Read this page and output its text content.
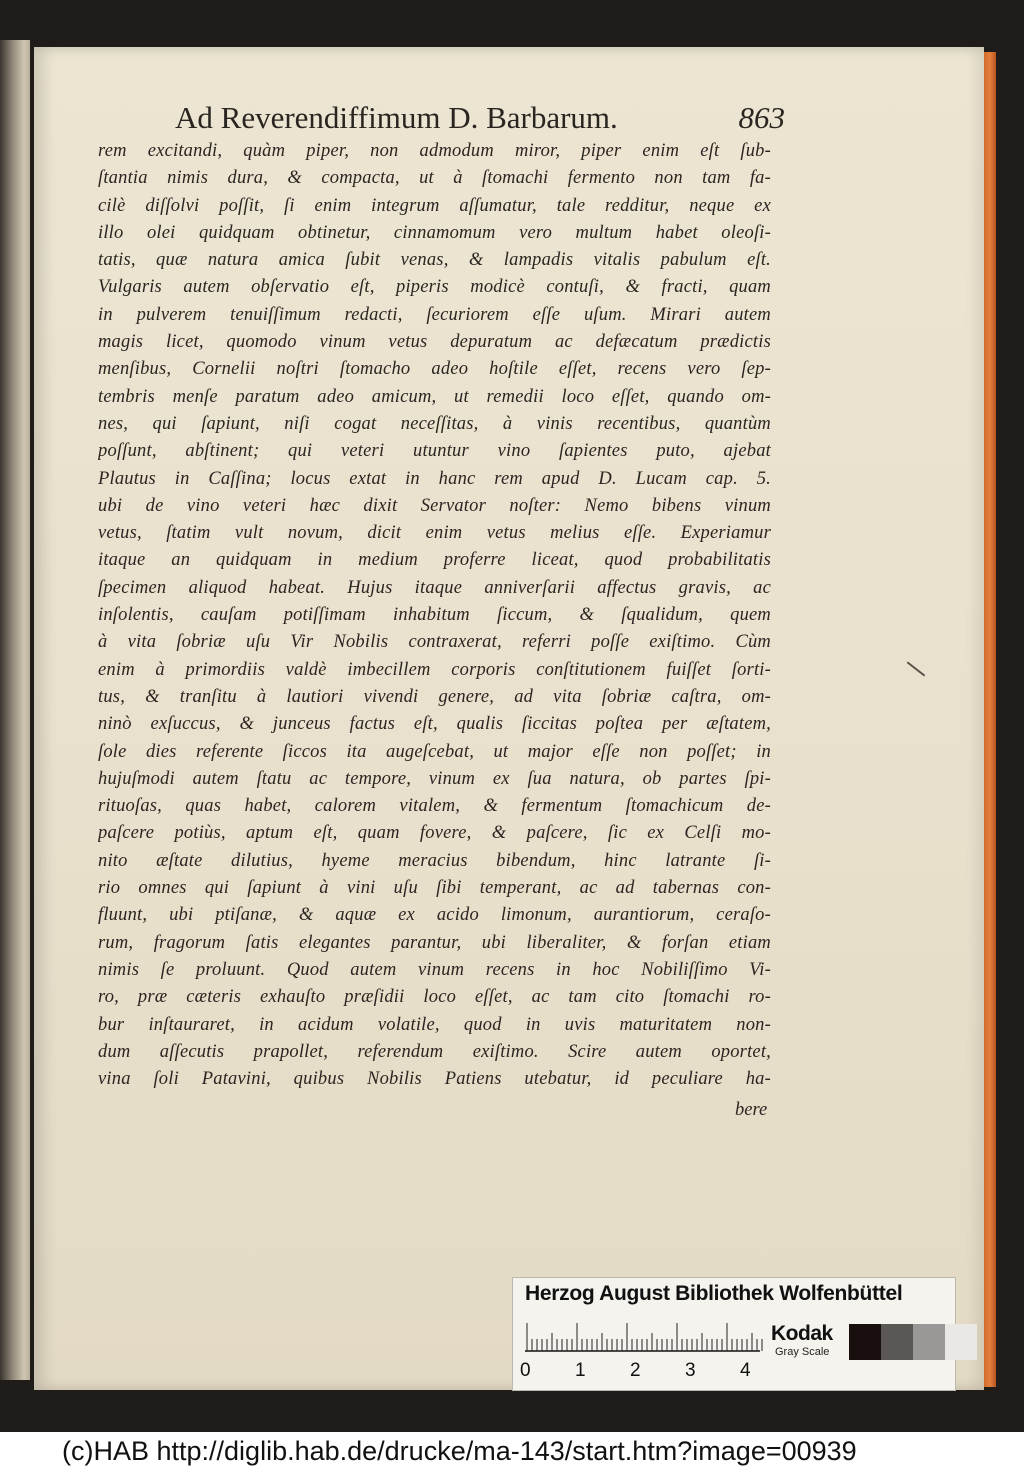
Ad Reverendiffimum D. Barbarum.	863
rem excitandi, quàm piper, non admodum miror, piper enim eſt ſub-
ſtantia nimis dura, & compacta, ut à ſtomachi fermento non tam fa-
cilè diſſolvi poſſit, ſi enim integrum aſſumatur, tale redditur, neque ex
illo olei quidquam obtinetur, cinnamomum vero multum habet oleoſi-
tatis, quæ natura amica ſubit venas, & lampadis vitalis pabulum eſt.
Vulgaris autem obſervatio eſt, piperis modicè contuſi, & fracti, quam
in pulverem tenuiſſimum redacti, ſecuriorem eſſe uſum. Mirari autem
magis licet, quomodo vinum vetus depuratum ac defæcatum prædictis
menſibus, Cornelii noſtri ſtomacho adeo hoſtile eſſet, recens vero ſep-
tembris menſe paratum adeo amicum, ut remedii loco eſſet, quando om-
nes, qui ſapiunt, niſi cogat neceſſitas, à vinis recentibus, quantùm
poſſunt, abſtinent; qui veteri utuntur vino ſapientes puto, ajebat
Plautus in Caſſina; locus extat in hanc rem apud D. Lucam cap. 5.
ubi de vino veteri hæc dixit Servator noſter: Nemo bibens vinum
vetus, ſtatim vult novum, dicit enim vetus melius eſſe. Experiamur
itaque an quidquam in medium proferre liceat, quod probabilitatis
ſpecimen aliquod habeat. Hujus itaque anniverſarii affectus gravis, ac
inſolentis, cauſam potiſſimam inhabitum ſiccum, & ſqualidum, quem
à vita ſobriæ uſu Vir Nobilis contraxerat, referri poſſe exiſtimo. Cùm
enim à primordiis valdè imbecillem corporis conſtitutionem fuiſſet ſorti-
tus, & tranſitu à lautiori vivendi genere, ad vita ſobriæ caſtra, om-
ninò exſuccus, & junceus factus eſt, qualis ſiccitas poſtea per æſtatem,
ſole dies referente ſiccos ita augeſcebat, ut major eſſe non poſſet; in
hujuſmodi autem ſtatu ac tempore, vinum ex ſua natura, ob partes ſpi-
rituoſas, quas habet, calorem vitalem, & fermentum ſtomachicum de-
paſcere potiùs, aptum eſt, quam fovere, & paſcere, ſic ex Celſi mo-
nito æſtate dilutius, hyeme meracius bibendum, hinc latrante ſi-
rio omnes qui ſapiunt à vini uſu ſibi temperant, ac ad tabernas con-
fluunt, ubi ptiſanæ, & aquæ ex acido limonum, aurantiorum, ceraſo-
rum, fragorum ſatis elegantes parantur, ubi liberaliter, & forſan etiam
nimis ſe proluunt. Quod autem vinum recens in hoc Nobiliſſimo Vi-
ro, præ cæteris exhauſto præſidii loco eſſet, ac tam cito ſtomachi ro-
bur inſtauraret, in acidum volatile, quod in uvis maturitatem non-
dum aſſecutis prapollet, referendum exiſtimo. Scire autem oportet,
vina ſoli Patavini, quibus Nobilis Patiens utebatur, id peculiare ha-
bere
Herzog August Bibliothek Wolfenbüttel
0 1 2 3 4
Kodak
Gray Scale
(c)HAB http://diglib.hab.de/drucke/ma-143/start.htm?image=00939
